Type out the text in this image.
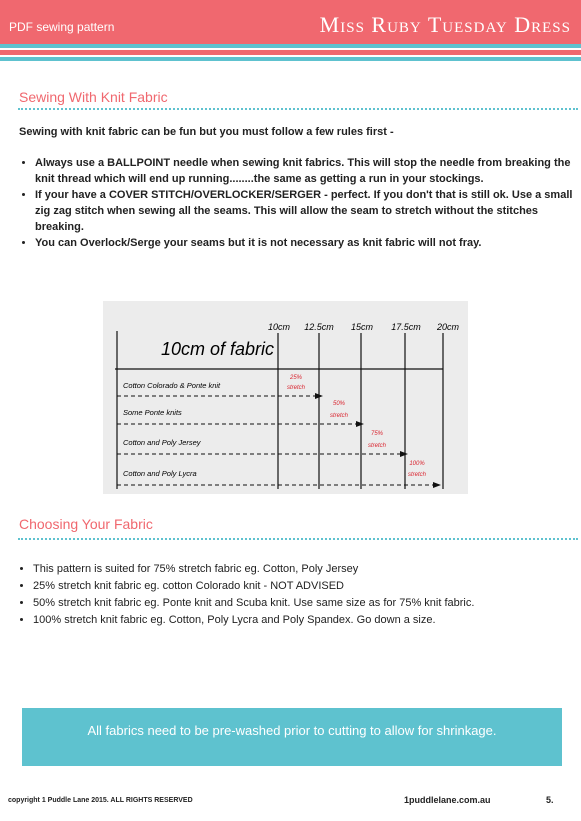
PDF sewing pattern	Miss Ruby Tuesday Dress
Sewing With Knit Fabric
Sewing with knit fabric can be fun but you must follow a few rules first -
• Always use a BALLPOINT needle when sewing knit fabrics. This will stop the needle from breaking the knit thread which will end up running........the same as getting a run in your stockings.
• If your have a COVER STITCH/OVERLOCKER/SERGER - perfect. If you don't that is still ok. Use a small zig zag stitch when sewing all the seams. This will allow the seam to stretch without the stitches breaking.
• You can Overlock/Serge your seams but it is not necessary as knit fabric will not fray.
10cm 12.5cm 15cm 17.5cm 20cm
10cm of fabric
Cotton Colorado & Ponte knit
25%
stretch
Some Ponte knits
50%
stretch
Cotton and Poly Jersey
75%
stretch
Cotton and Poly Lycra
100%
stretch
Choosing Your Fabric
• This pattern is suited for 75% stretch fabric eg. Cotton, Poly Jersey
• 25% stretch knit fabric eg. cotton Colorado knit - NOT ADVISED
• 50% stretch knit fabric eg. Ponte knit and Scuba knit. Use same size as for 75% knit fabric.
• 100% stretch knit fabric eg. Cotton, Poly Lycra and Poly Spandex. Go down a size.
All fabrics need to be pre-washed prior to cutting to allow for shrinkage.
copyright 1 Puddle Lane 2015. ALL RIGHTS RESERVED	1puddlelane.com.au	5.
